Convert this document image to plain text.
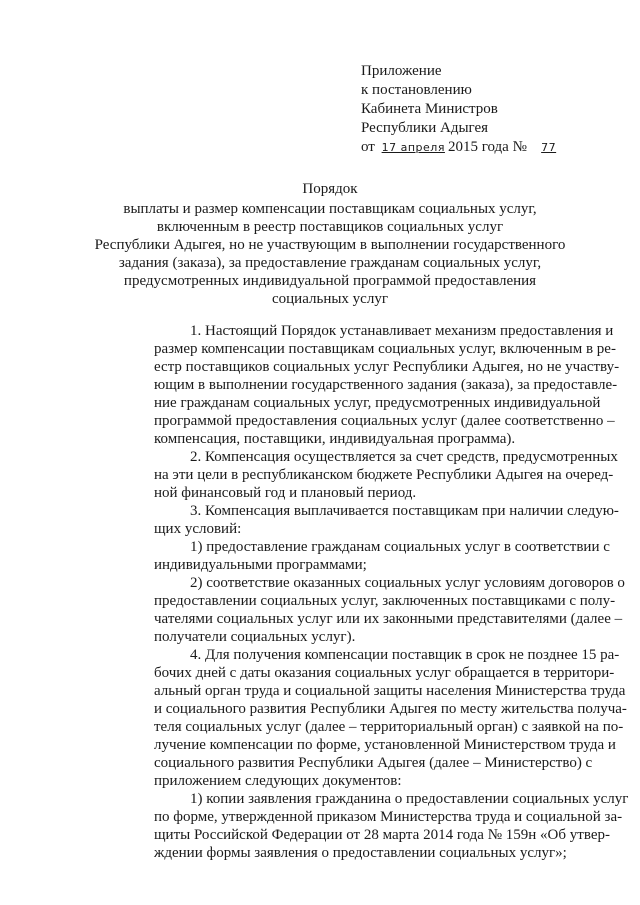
Приложение
к постановлению
Кабинета Министров
Республики Адыгея
от 17 апреля 2015 года № 77
Порядок
выплаты и размер компенсации поставщикам социальных услуг,
включенным в реестр поставщиков социальных услуг
Республики Адыгея, но не участвующим в выполнении государственного
задания (заказа), за предоставление гражданам социальных услуг,
предусмотренных индивидуальной программой предоставления
социальных услуг

1. Настоящий Порядок устанавливает механизм предоставления и
размер компенсации поставщикам социальных услуг, включенным в ре-
естр поставщиков социальных услуг Республики Адыгея, но не участву-
ющим в выполнении государственного задания (заказа), за предоставле-
ние гражданам социальных услуг, предусмотренных индивидуальной
программой предоставления социальных услуг (далее соответственно –
компенсация, поставщики, индивидуальная программа).

2. Компенсация осуществляется за счет средств, предусмотренных
на эти цели в республиканском бюджете Республики Адыгея на очеред-
ной финансовый год и плановый период.

3. Компенсация выплачивается поставщикам при наличии следую-
щих условий:

1) предоставление гражданам социальных услуг в соответствии с
индивидуальными программами;

2) соответствие оказанных социальных услуг условиям договоров о
предоставлении социальных услуг, заключенных поставщиками с полу-
чателями социальных услуг или их законными представителями (далее –
получатели социальных услуг).

4. Для получения компенсации поставщик в срок не позднее 15 ра-
бочих дней с даты оказания социальных услуг обращается в территори-
альный орган труда и социальной защиты населения Министерства труда
и социального развития Республики Адыгея по месту жительства получа-
теля социальных услуг (далее – территориальный орган) с заявкой на по-
лучение компенсации по форме, установленной Министерством труда и
социального развития Республики Адыгея (далее – Министерство) с
приложением следующих документов:

1) копии заявления гражданина о предоставлении социальных услуг
по форме, утвержденной приказом Министерства труда и социальной за-
щиты Российской Федерации от 28 марта 2014 года № 159н «Об утвер-
ждении формы заявления о предоставлении социальных услуг»;
